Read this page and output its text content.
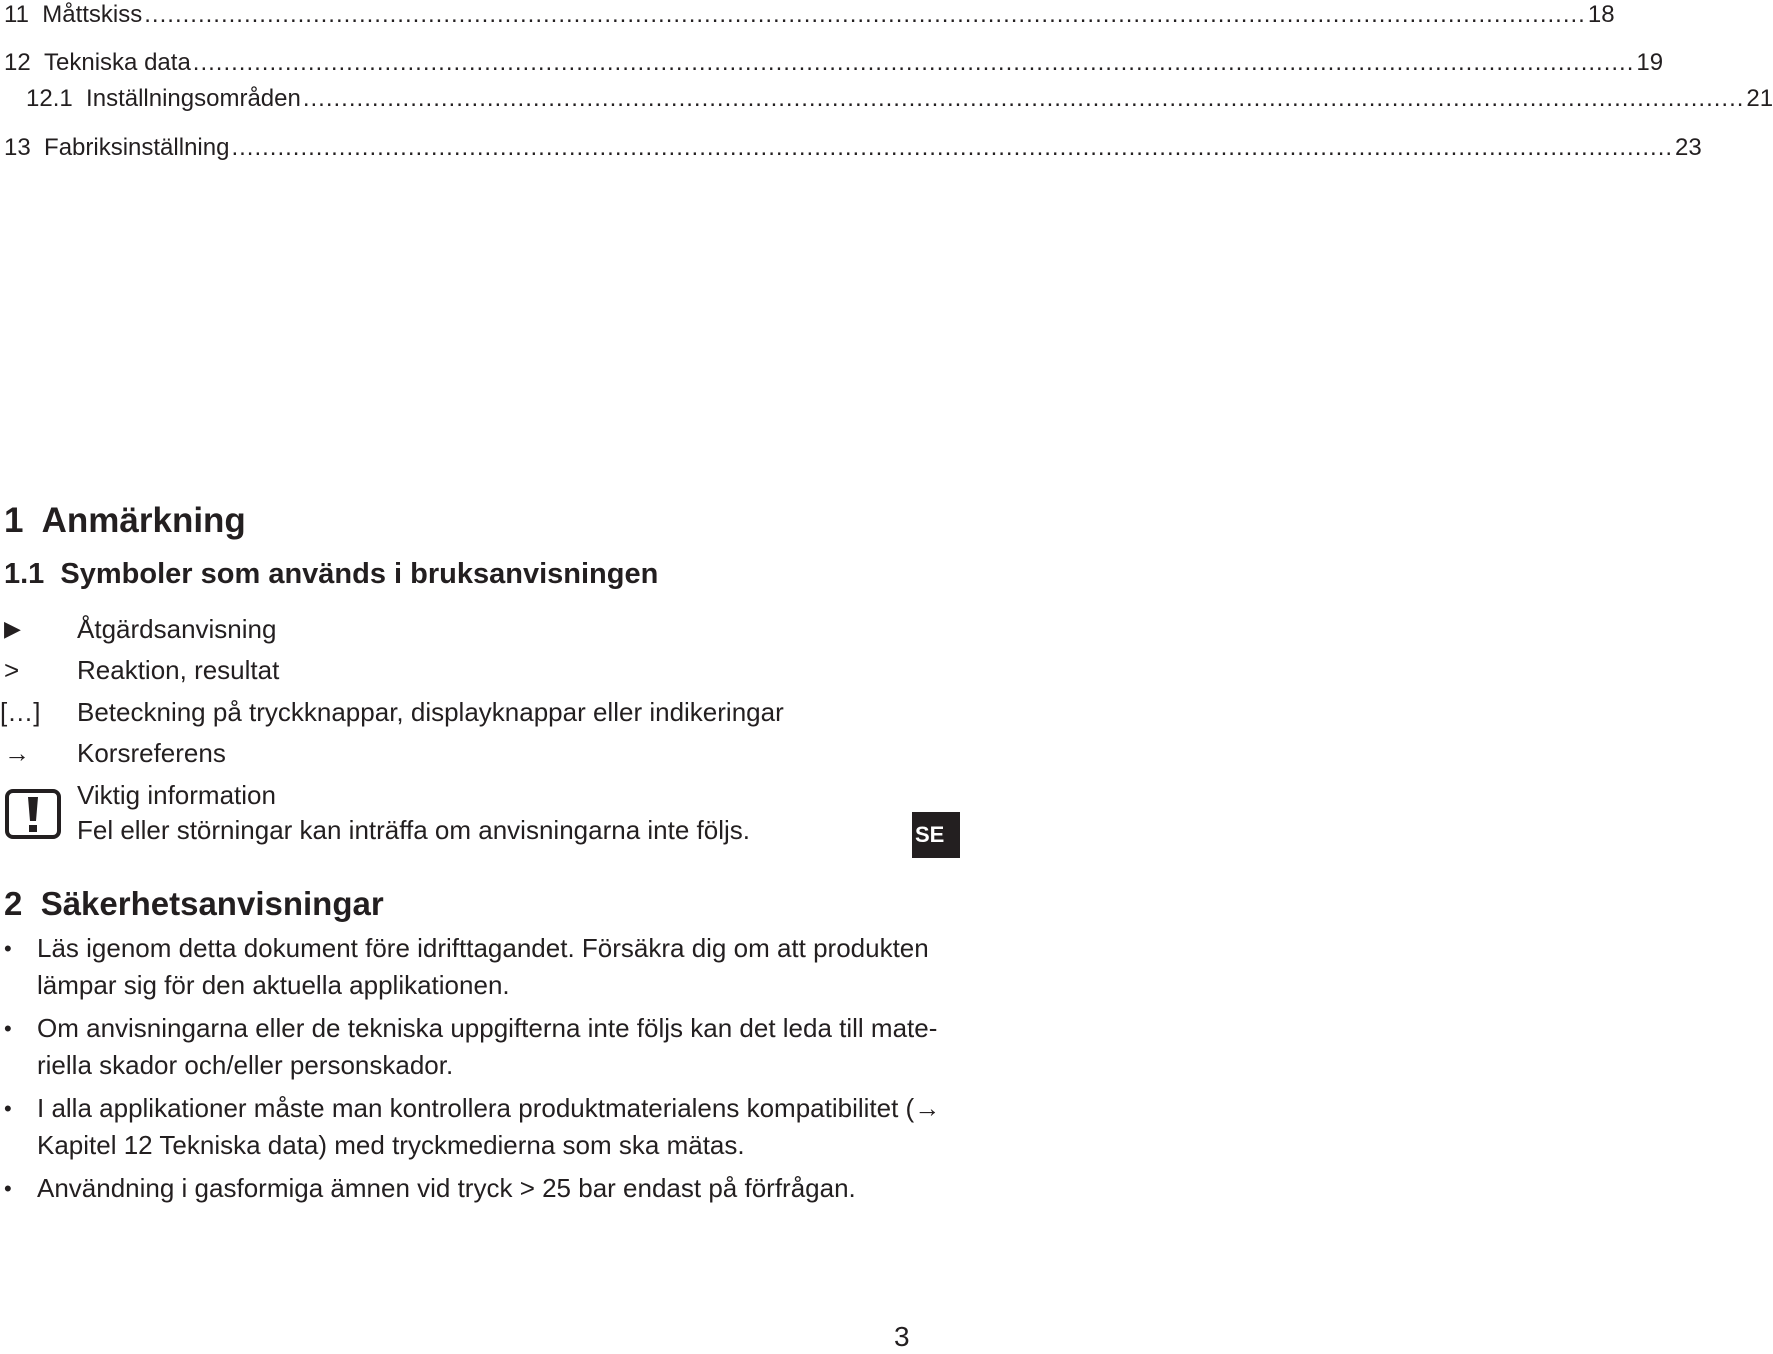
11 Måttskiss ............................................................................................................................................................................................ 18
12 Tekniska data ............................................................................................................................................................................................ 19
12.1 Inställningsområden ............................................................................................................................................................................................ 21
13 Fabriksinställning ............................................................................................................................................................................................ 23
1  Anmärkning
1.1  Symboler som används i bruksanvisningen
▶	Åtgärdsanvisning
>	Reaktion, resultat
[…]	Beteckning på tryckknappar, displayknappar eller indikeringar
→	Korsreferens
Viktig information
Fel eller störningar kan inträffa om anvisningarna inte följs.	SE
2  Säkerhetsanvisningar
• Läs igenom detta dokument före idrifttagandet. Försäkra dig om att produkten
lämpar sig för den aktuella applikationen.
• Om anvisningarna eller de tekniska uppgifterna inte följs kan det leda till mate-
riella skador och/eller personskador.
• I alla applikationer måste man kontrollera produktmaterialens kompatibilitet (→
Kapitel 12 Tekniska data) med tryckmedierna som ska mätas.
• Användning i gasformiga ämnen vid tryck > 25 bar endast på förfrågan.
3
